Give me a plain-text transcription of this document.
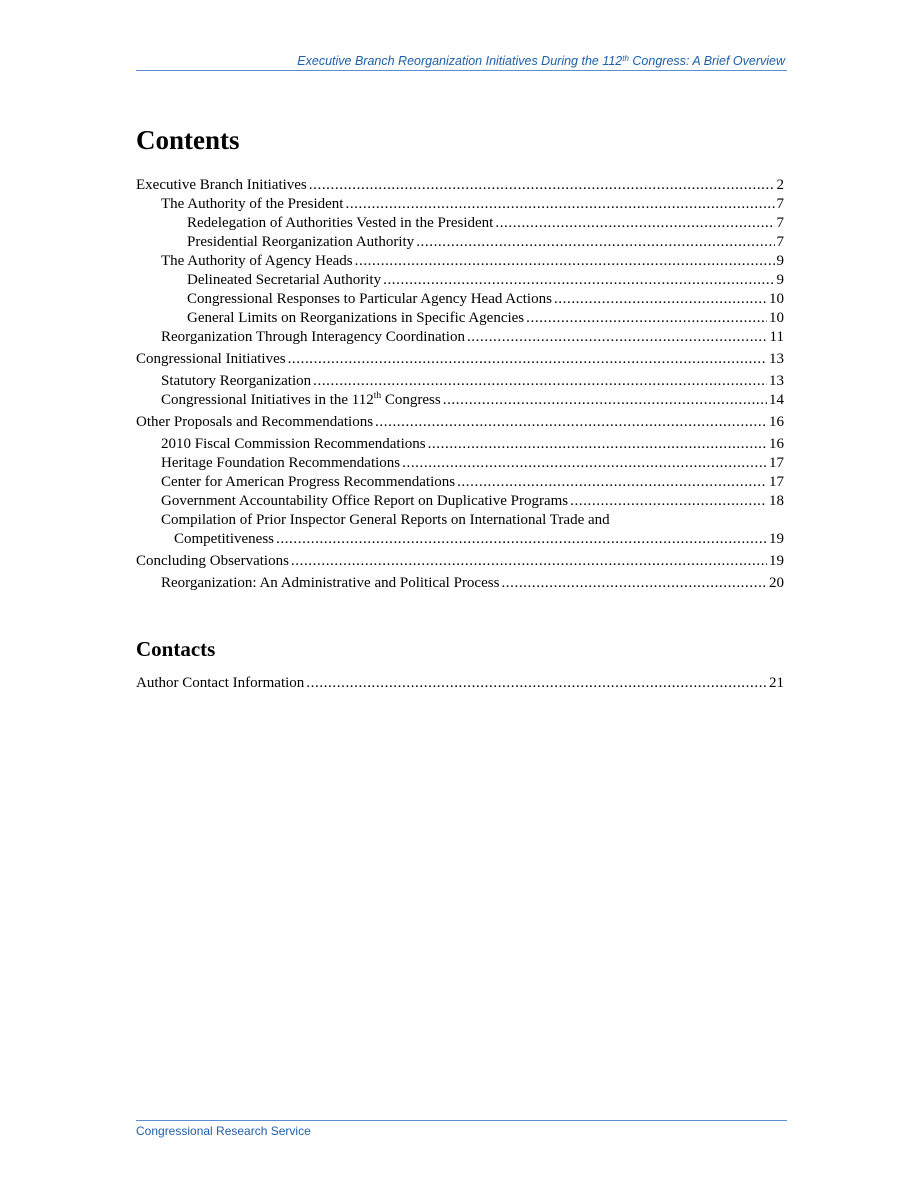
Executive Branch Reorganization Initiatives During the 112th Congress: A Brief Overview
Contents
Executive Branch Initiatives .....	2
The Authority of the President .....	7
Redelegation of Authorities Vested in the President .....	7
Presidential Reorganization Authority .....	7
The Authority of Agency Heads .....	9
Delineated Secretarial Authority .....	9
Congressional Responses to Particular Agency Head Actions .....	10
General Limits on Reorganizations in Specific Agencies .....	10
Reorganization Through Interagency Coordination .....	11
Congressional Initiatives .....	13
Statutory Reorganization .....	13
Congressional Initiatives in the 112th Congress .....	14
Other Proposals and Recommendations .....	16
2010 Fiscal Commission Recommendations .....	16
Heritage Foundation Recommendations .....	17
Center for American Progress Recommendations .....	17
Government Accountability Office Report on Duplicative Programs .....	18
Compilation of Prior Inspector General Reports on International Trade and
Competitiveness .....	19
Concluding Observations .....	19
Reorganization: An Administrative and Political Process .....	20
Contacts
Author Contact Information .....	21
Congressional Research Service
